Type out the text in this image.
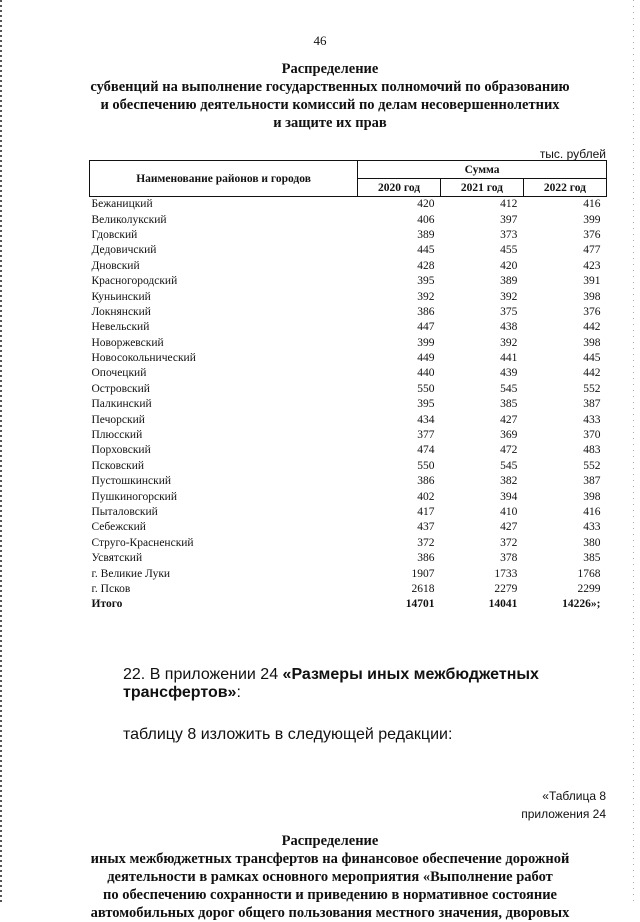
46
Распределение
субвенций на выполнение государственных полномочий по образованию
и обеспечению деятельности комиссий по делам несовершеннолетних
и защите их прав
тыс. рублей
Наименование районов и городов	Сумма		
	2020 год	2021 год	2022 год
Бежаницкий	420	412	416
Великолукский	406	397	399
Гдовский	389	373	376
Дедовичский	445	455	477
Дновский	428	420	423
Красногородский	395	389	391
Куньинский	392	392	398
Локнянский	386	375	376
Невельский	447	438	442
Новоржевский	399	392	398
Новосокольнический	449	441	445
Опочецкий	440	439	442
Островский	550	545	552
Палкинский	395	385	387
Печорский	434	427	433
Плюсский	377	369	370
Порховский	474	472	483
Псковский	550	545	552
Пустошкинский	386	382	387
Пушкиногорский	402	394	398
Пыталовский	417	410	416
Себежский	437	427	433
Струго-Красненский	372	372	380
Усвятский	386	378	385
г. Великие Луки	1907	1733	1768
г. Псков	2618	2279	2299
Итого	14701	14041	14226»;
22. В приложении 24 «Размеры иных межбюджетных трансфертов»:
таблицу 8 изложить в следующей редакции:
«Таблица 8
приложения 24
Распределение
иных межбюджетных трансфертов на финансовое обеспечение дорожной
деятельности в рамках основного мероприятия «Выполнение работ
по обеспечению сохранности и приведению в нормативное состояние
автомобильных дорог общего пользования местного значения, дворовых
